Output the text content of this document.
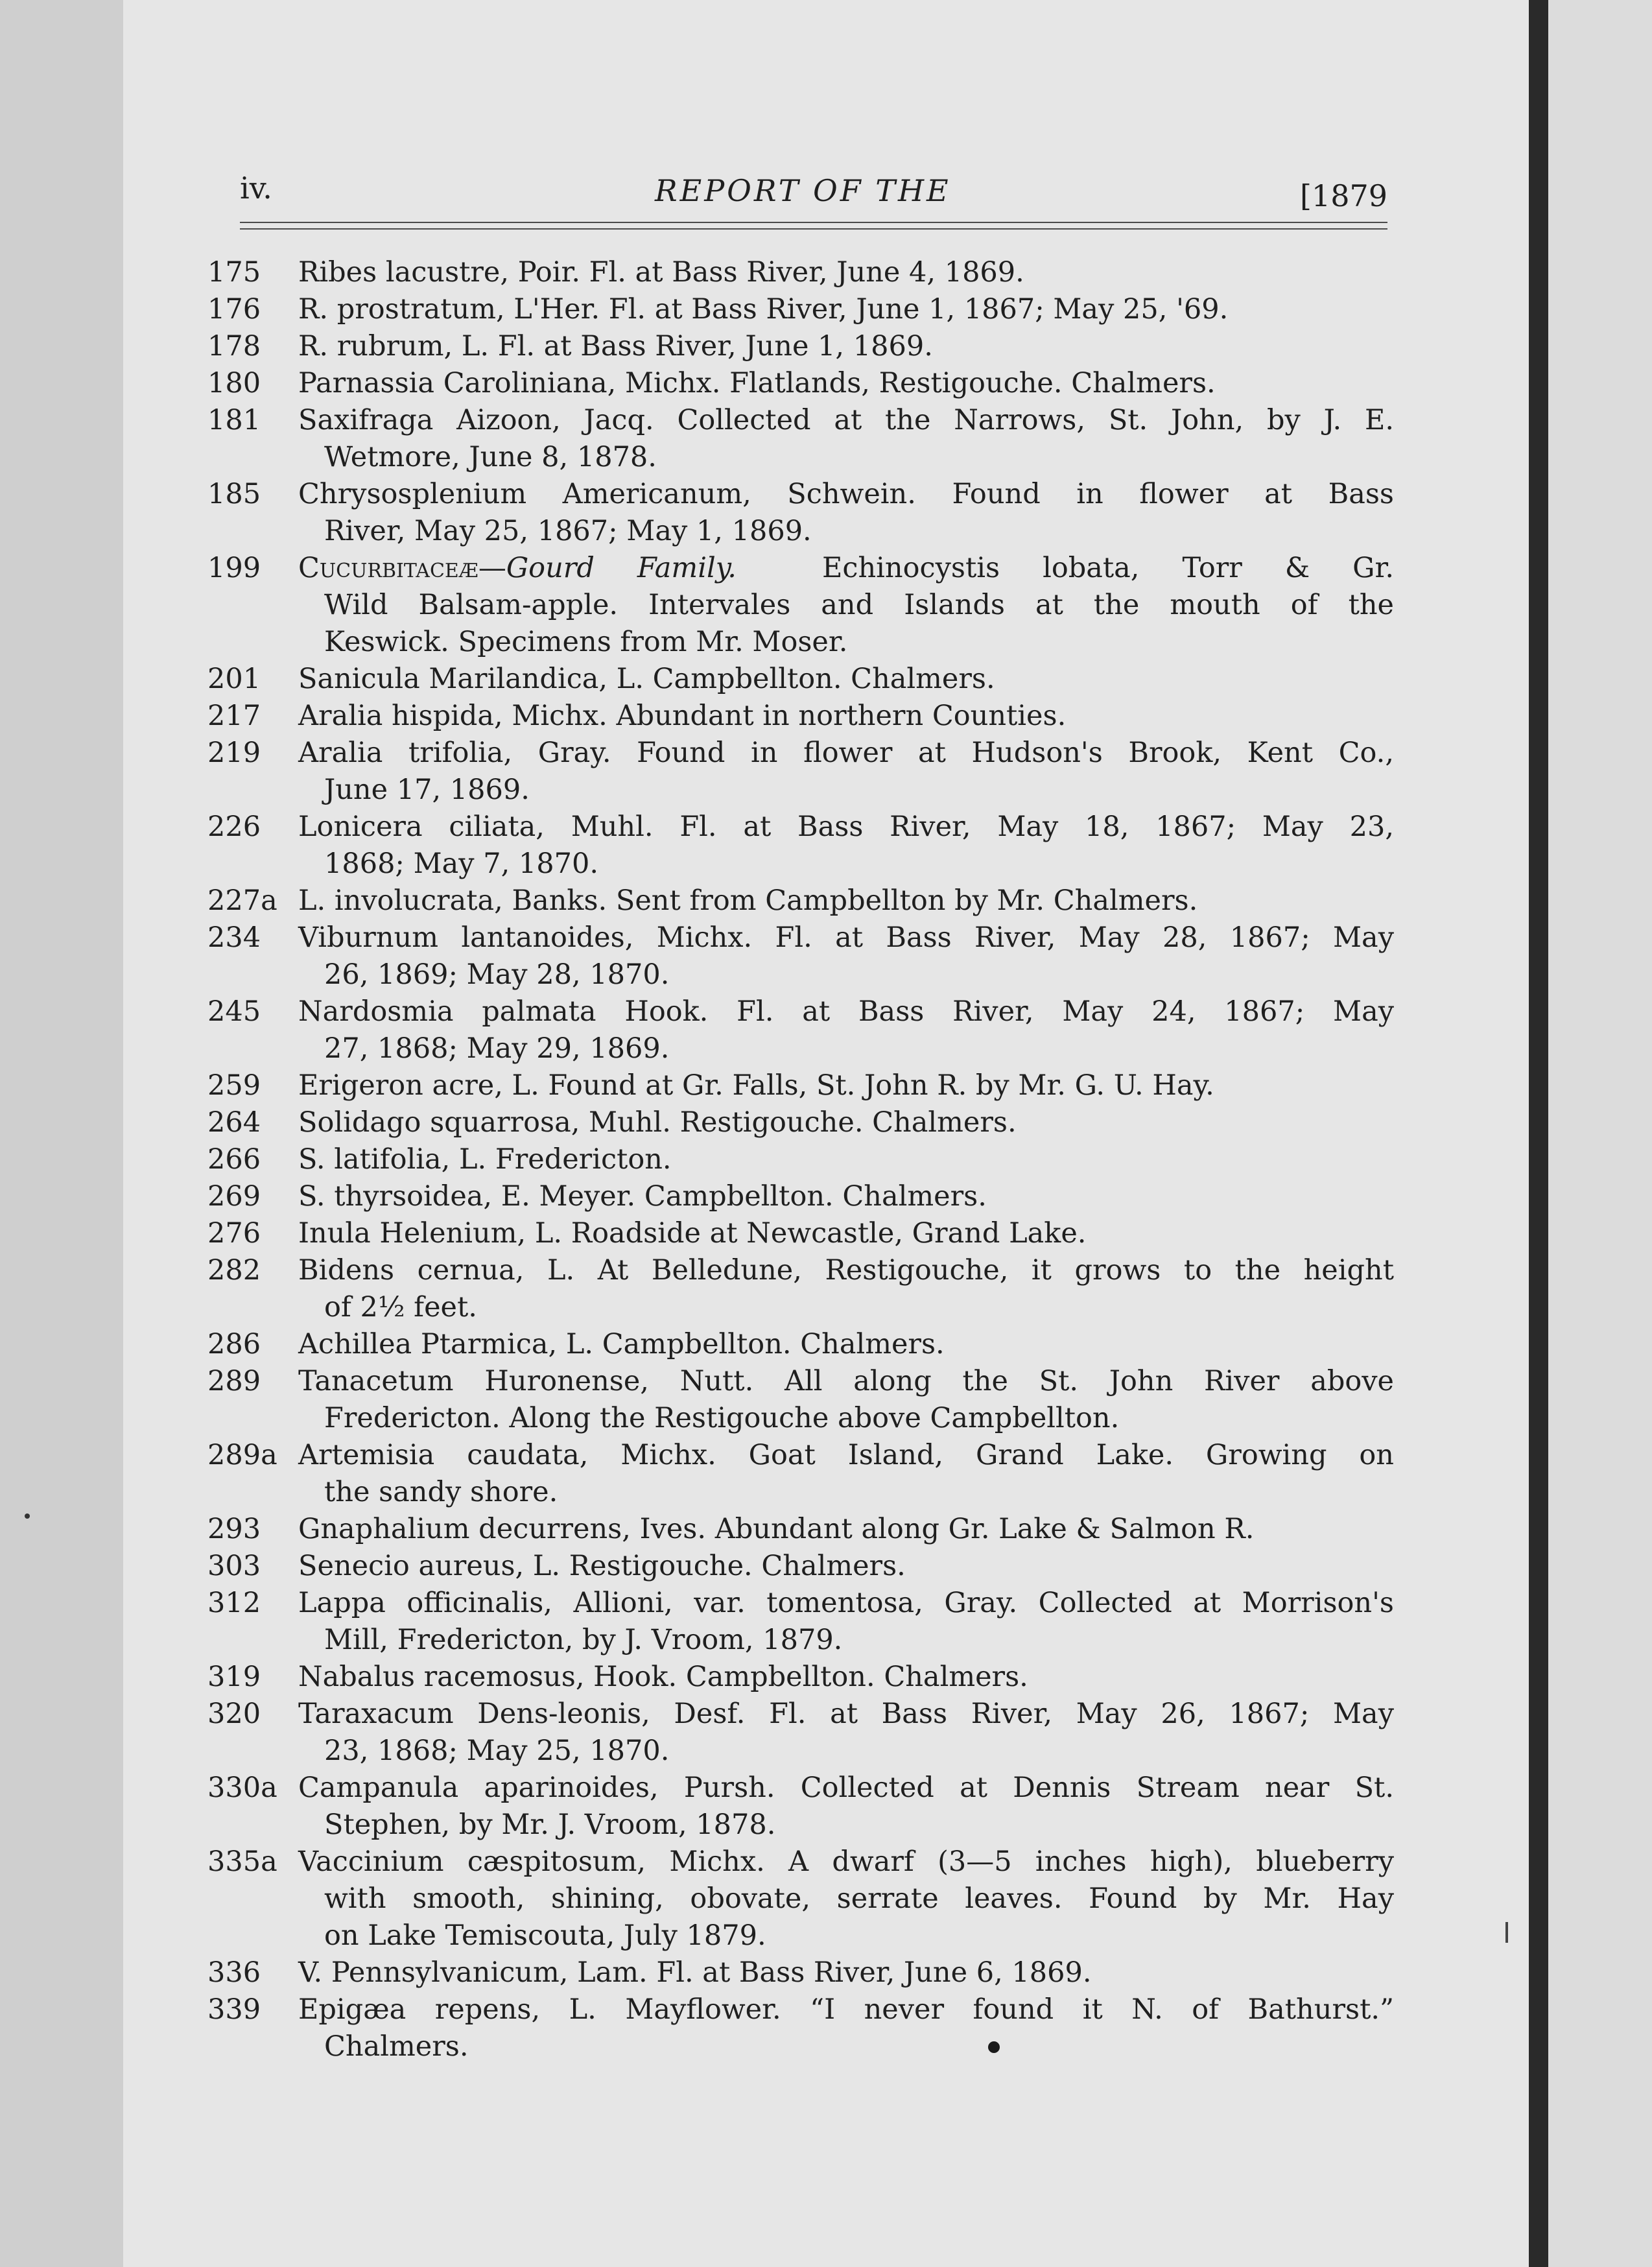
iv.	REPORT OF THE	[1879
175	Ribes lacustre, Poir. Fl. at Bass River, June 4, 1869.
176	R. prostratum, L'Her. Fl. at Bass River, June 1, 1867; May 25, '69.
178	R. rubrum, L. Fl. at Bass River, June 1, 1869.
180	Parnassia Caroliniana, Michx. Flatlands, Restigouche. Chalmers.
181	Saxifraga Aizoon, Jacq. Collected at the Narrows, St. John, by J. E.
Wetmore, June 8, 1878.
185	Chrysosplenium Americanum, Schwein. Found in flower at Bass
River, May 25, 1867; May 1, 1869.
199	Cucurbitaceæ—Gourd Family.  Echinocystis lobata, Torr & Gr.
Wild Balsam-apple. Intervales and Islands at the mouth of the
Keswick. Specimens from Mr. Moser.
201	Sanicula Marilandica, L. Campbellton. Chalmers.
217	Aralia hispida, Michx. Abundant in northern Counties.
219	Aralia trifolia, Gray. Found in flower at Hudson's Brook, Kent Co.,
June 17, 1869.
226	Lonicera ciliata, Muhl. Fl. at Bass River, May 18, 1867; May 23,
1868; May 7, 1870.
227a L. involucrata, Banks. Sent from Campbellton by Mr. Chalmers.
234	Viburnum lantanoides, Michx. Fl. at Bass River, May 28, 1867; May
26, 1869; May 28, 1870.
245	Nardosmia palmata Hook. Fl. at Bass River, May 24, 1867; May
27, 1868; May 29, 1869.
259	Erigeron acre, L. Found at Gr. Falls, St. John R. by Mr. G. U. Hay.
264	Solidago squarrosa, Muhl. Restigouche. Chalmers.
266	S. latifolia, L. Fredericton.
269	S. thyrsoidea, E. Meyer. Campbellton. Chalmers.
276	Inula Helenium, L. Roadside at Newcastle, Grand Lake.
282	Bidens cernua, L. At Belledune, Restigouche, it grows to the height
of 2½ feet.
286	Achillea Ptarmica, L. Campbellton. Chalmers.
289	Tanacetum Huronense, Nutt. All along the St. John River above
Fredericton. Along the Restigouche above Campbellton.
289a Artemisia caudata, Michx. Goat Island, Grand Lake. Growing on
the sandy shore.
293	Gnaphalium decurrens, Ives. Abundant along Gr. Lake & Salmon R.
303	Senecio aureus, L. Restigouche. Chalmers.
312	Lappa officinalis, Allioni, var. tomentosa, Gray. Collected at Morrison's
Mill, Fredericton, by J. Vroom, 1879.
319	Nabalus racemosus, Hook. Campbellton. Chalmers.
320	Taraxacum Dens-leonis, Desf. Fl. at Bass River, May 26, 1867; May
23, 1868; May 25, 1870.
330a Campanula aparinoides, Pursh. Collected at Dennis Stream near St.
Stephen, by Mr. J. Vroom, 1878.
335a Vaccinium cæspitosum, Michx. A dwarf (3—5 inches high), blueberry
with smooth, shining, obovate, serrate leaves. Found by Mr. Hay
on Lake Temiscouta, July 1879.
336	V. Pennsylvanicum, Lam. Fl. at Bass River, June 6, 1869.
339	Epigæa repens, L. Mayflower. “I never found it N. of Bathurst.”
Chalmers.
